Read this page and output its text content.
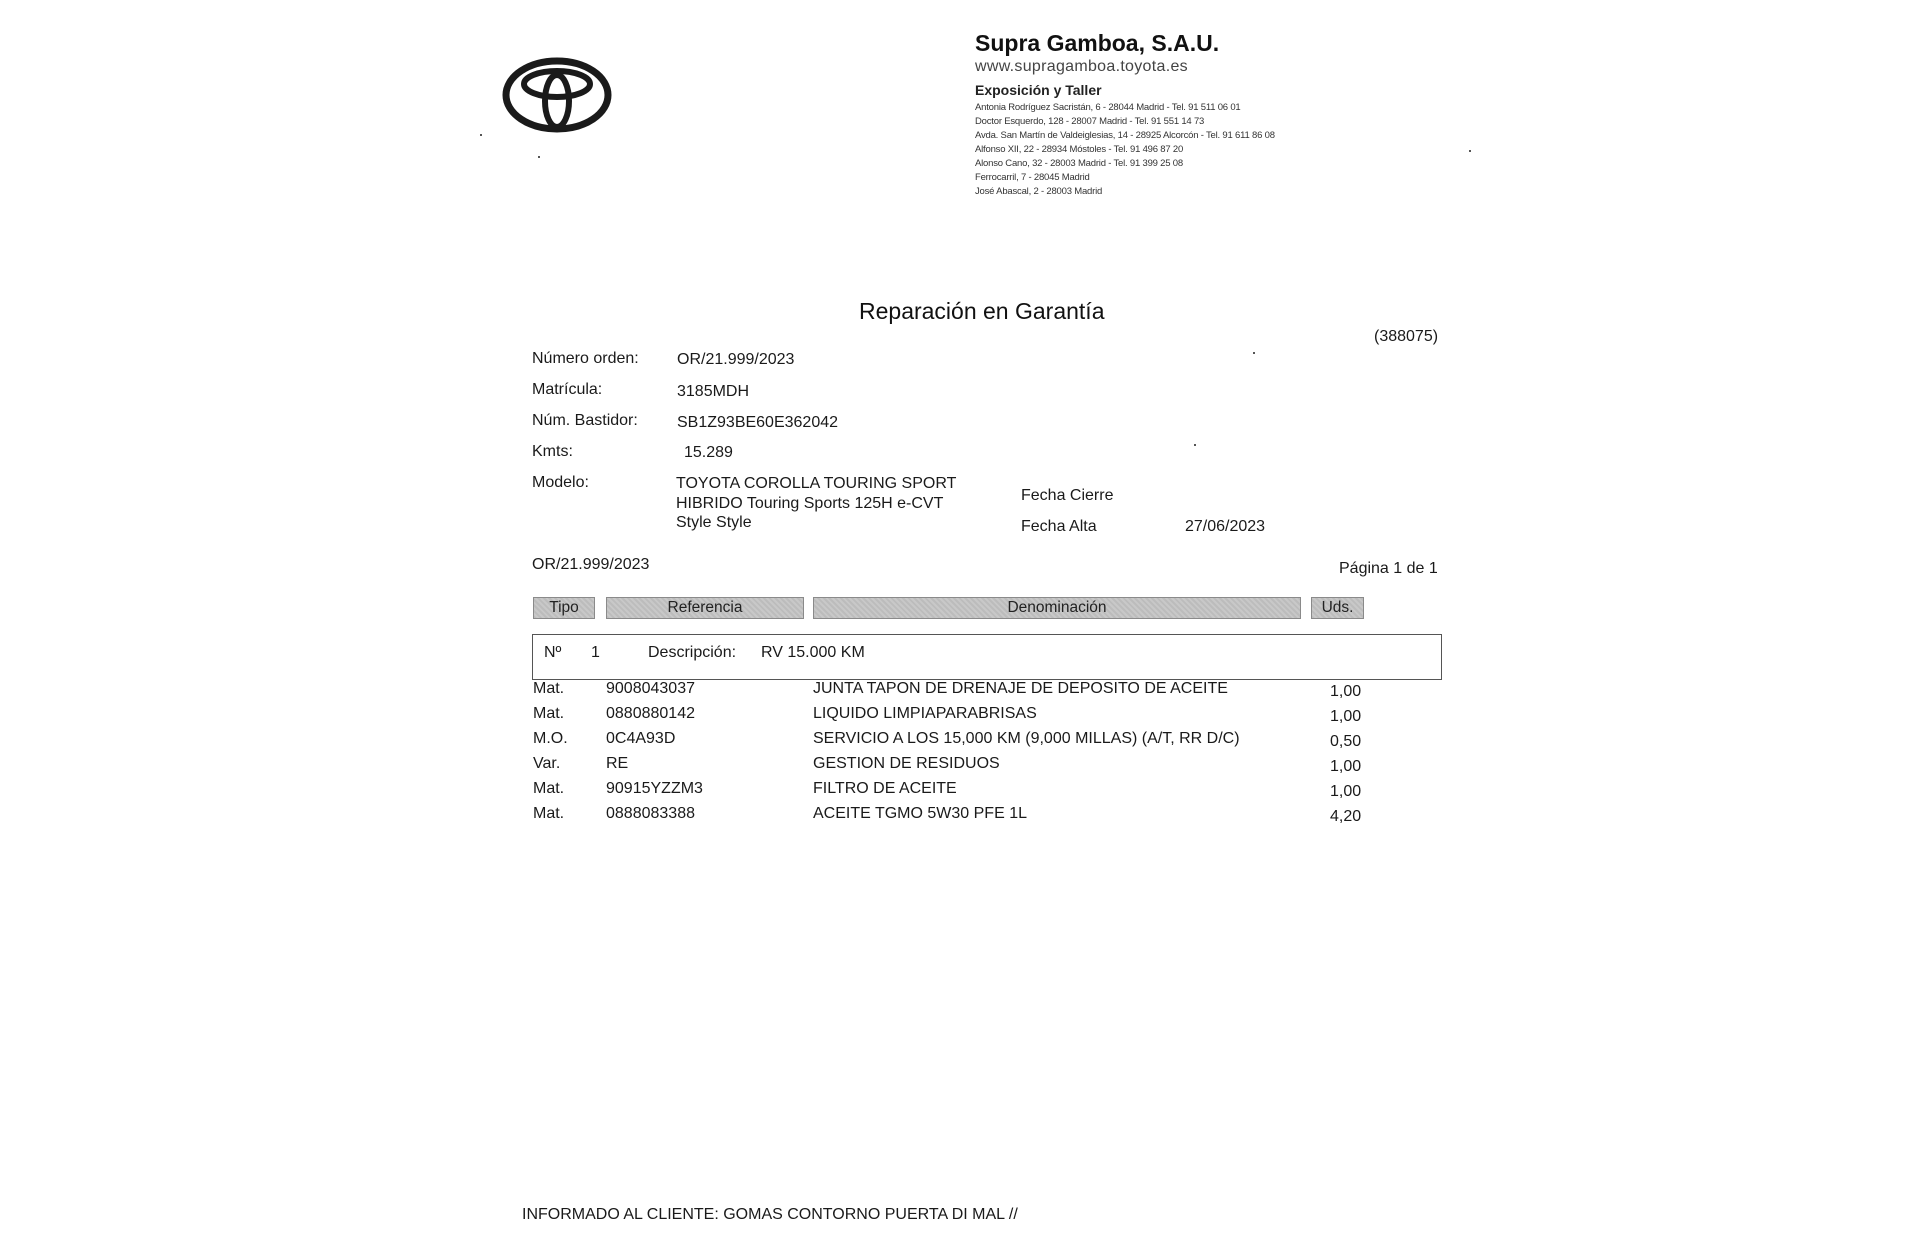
Supra Gamboa, S.A.U.
www.supragamboa.toyota.es
Exposición y Taller
Antonia Rodríguez Sacristán, 6 - 28044 Madrid - Tel. 91 511 06 01
Doctor Esquerdo, 128 - 28007 Madrid - Tel. 91 551 14 73
Avda. San Martín de Valdeiglesias, 14 - 28925 Alcorcón - Tel. 91 611 86 08
Alfonso XII, 22 - 28934 Móstoles - Tel. 91 496 87 20
Alonso Cano, 32 - 28003 Madrid - Tel. 91 399 25 08
Ferrocarril, 7 - 28045 Madrid
José Abascal, 2 - 28003 Madrid
Reparación en Garantía
(388075)
Número orden: OR/21.999/2023
Matrícula:	3185MDH
Núm. Bastidor: SB1Z93BE60E362042
Kmts:	15.289
Modelo:	TOYOTA COROLLA TOURING SPORT
HIBRIDO Touring Sports 125H e-CVT
Style Style
Fecha Cierre
Fecha Alta	27/06/2023
OR/21.999/2023	Página 1 de 1
Tipo	Referencia	Denominación	Uds.
Nº 1	Descripción: RV 15.000 KM
Mat.	9008043037	JUNTA TAPON DE DRENAJE DE DEPOSITO DE ACEITE	1,00
Mat.	0880880142	LIQUIDO LIMPIAPARABRISAS	1,00
M.O. 0C4A93D	SERVICIO A LOS 15,000 KM (9,000 MILLAS) (A/T, RR D/C)	0,50
Var.	RE	GESTION DE RESIDUOS	1,00
Mat.	90915YZZM3	FILTRO DE ACEITE	1,00
Mat.	0888083388	ACEITE TGMO 5W30 PFE 1L	4,20
INFORMADO AL CLIENTE: GOMAS CONTORNO PUERTA DI MAL //
